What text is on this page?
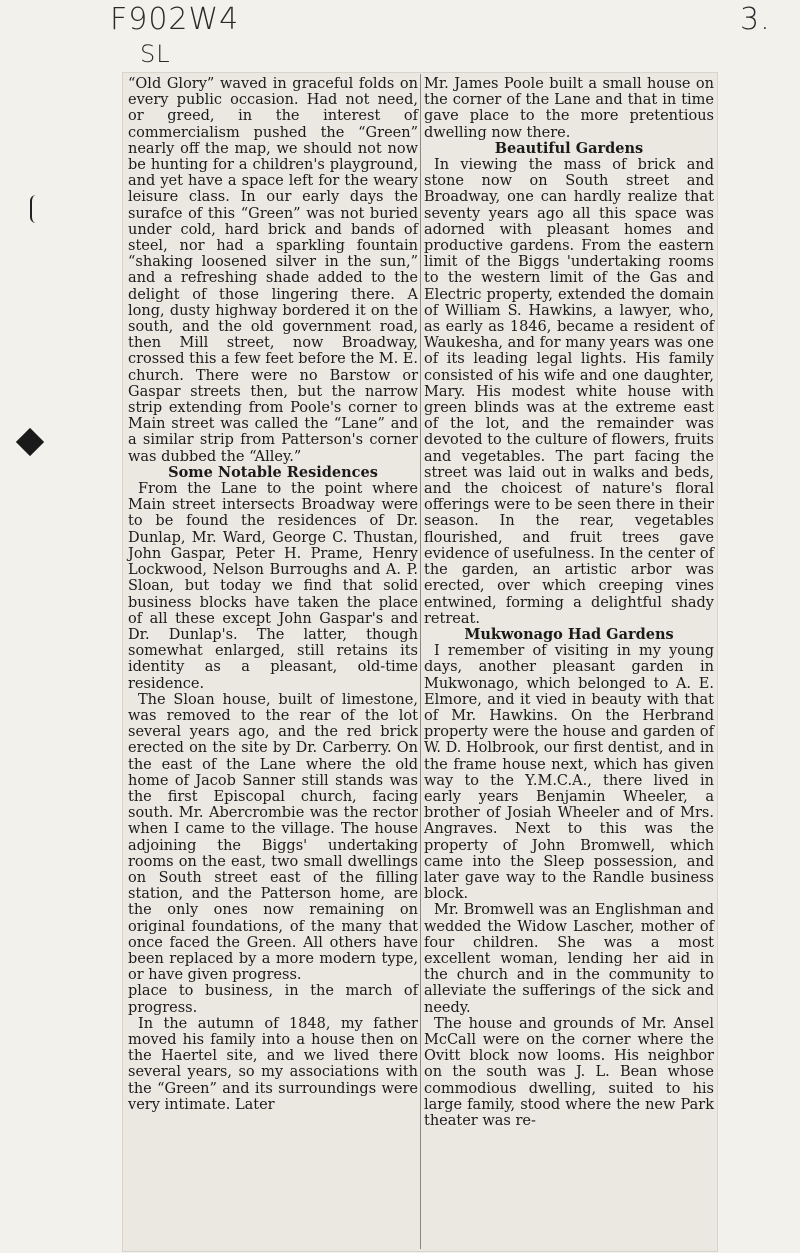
F902W4
SL
3.

“Old Glory” waved in graceful folds on every public occasion. Had not need, or greed, in the interest of commercialism pushed the “Green” nearly off the map, we should not now be hunting for a children's playground, and yet have a space left for the weary leisure class. In our early days the surafce of this “Green” was not buried under cold, hard brick and bands of steel, nor had a sparkling fountain “shaking loosened silver in the sun,” and a refreshing shade added to the delight of those lingering there. A long, dusty highway bordered it on the south, and the old government road, then Mill street, now Broadway, crossed this a few feet before the M. E. church. There were no Barstow or Gaspar streets then, but the narrow strip extending from Poole's corner to Main street was called the “Lane” and a similar strip from Patterson's corner was dubbed the “Alley.”

Some Notable Residences

From the Lane to the point where Main street intersects Broadway were to be found the residences of Dr. Dunlap, Mr. Ward, George C. Thustan, John Gaspar, Peter H. Prame, Henry Lockwood, Nelson Burroughs and A. P. Sloan, but today we find that solid business blocks have taken the place of all these except John Gaspar's and Dr. Dunlap's. The latter, though somewhat enlarged, still retains its identity as a pleasant, old-time residence.

The Sloan house, built of limestone, was removed to the rear of the lot several years ago, and the red brick erected on the site by Dr. Carberry. On the east of the Lane where the old home of Jacob Sanner still stands was the first Episcopal church, facing south. Mr. Abercrombie was the rector when I came to the village. The house adjoining the Biggs' undertaking rooms on the east, two small dwellings on South street east of the filling station, and the Patterson home, are the only ones now remaining on original foundations, of the many that once faced the Green. All others have been replaced by a more modern type, or have given progress.

place to business, in the march of progress.

In the autumn of 1848, my father moved his family into a house then on the Haertel site, and we lived there several years, so my associations with the “Green” and its surroundings were very intimate. Later

Mr. James Poole built a small house on the corner of the Lane and that in time gave place to the more pretentious dwelling now there.

Beautiful Gardens

In viewing the mass of brick and stone now on South street and Broadway, one can hardly realize that seventy years ago all this space was adorned with pleasant homes and productive gardens. From the eastern limit of the Biggs 'undertaking rooms to the western limit of the Gas and Electric property, extended the domain of William S. Hawkins, a lawyer, who, as early as 1846, became a resident of Waukesha, and for many years was one of its leading legal lights. His family consisted of his wife and one daughter, Mary. His modest white house with green blinds was at the extreme east of the lot, and the remainder was devoted to the culture of flowers, fruits and vegetables. The part facing the street was laid out in walks and beds, and the choicest of nature's floral offerings were to be seen there in their season. In the rear, vegetables flourished, and fruit trees gave evidence of usefulness. In the center of the garden, an artistic arbor was erected, over which creeping vines entwined, forming a delightful shady retreat.

Mukwonago Had Gardens

I remember of visiting in my young days, another pleasant garden in Mukwonago, which belonged to A. E. Elmore, and it vied in beauty with that of Mr. Hawkins. On the Herbrand property were the house and garden of W. D. Holbrook, our first dentist, and in the frame house next, which has given way to the Y.M.C.A., there lived in early years Benjamin Wheeler, a brother of Josiah Wheeler and of Mrs. Angraves. Next to this was the property of John Bromwell, which came into the Sleep possession, and later gave way to the Randle business block.

Mr. Bromwell was an Englishman and wedded the Widow Lascher, mother of four children. She was a most excellent woman, lending her aid in the church and in the community to alleviate the sufferings of the sick and needy.

The house and grounds of Mr. Ansel McCall were on the corner where the Ovitt block now looms. His neighbor on the south was J. L. Bean whose commodious dwelling, suited to his large family, stood where the new Park theater was re-
